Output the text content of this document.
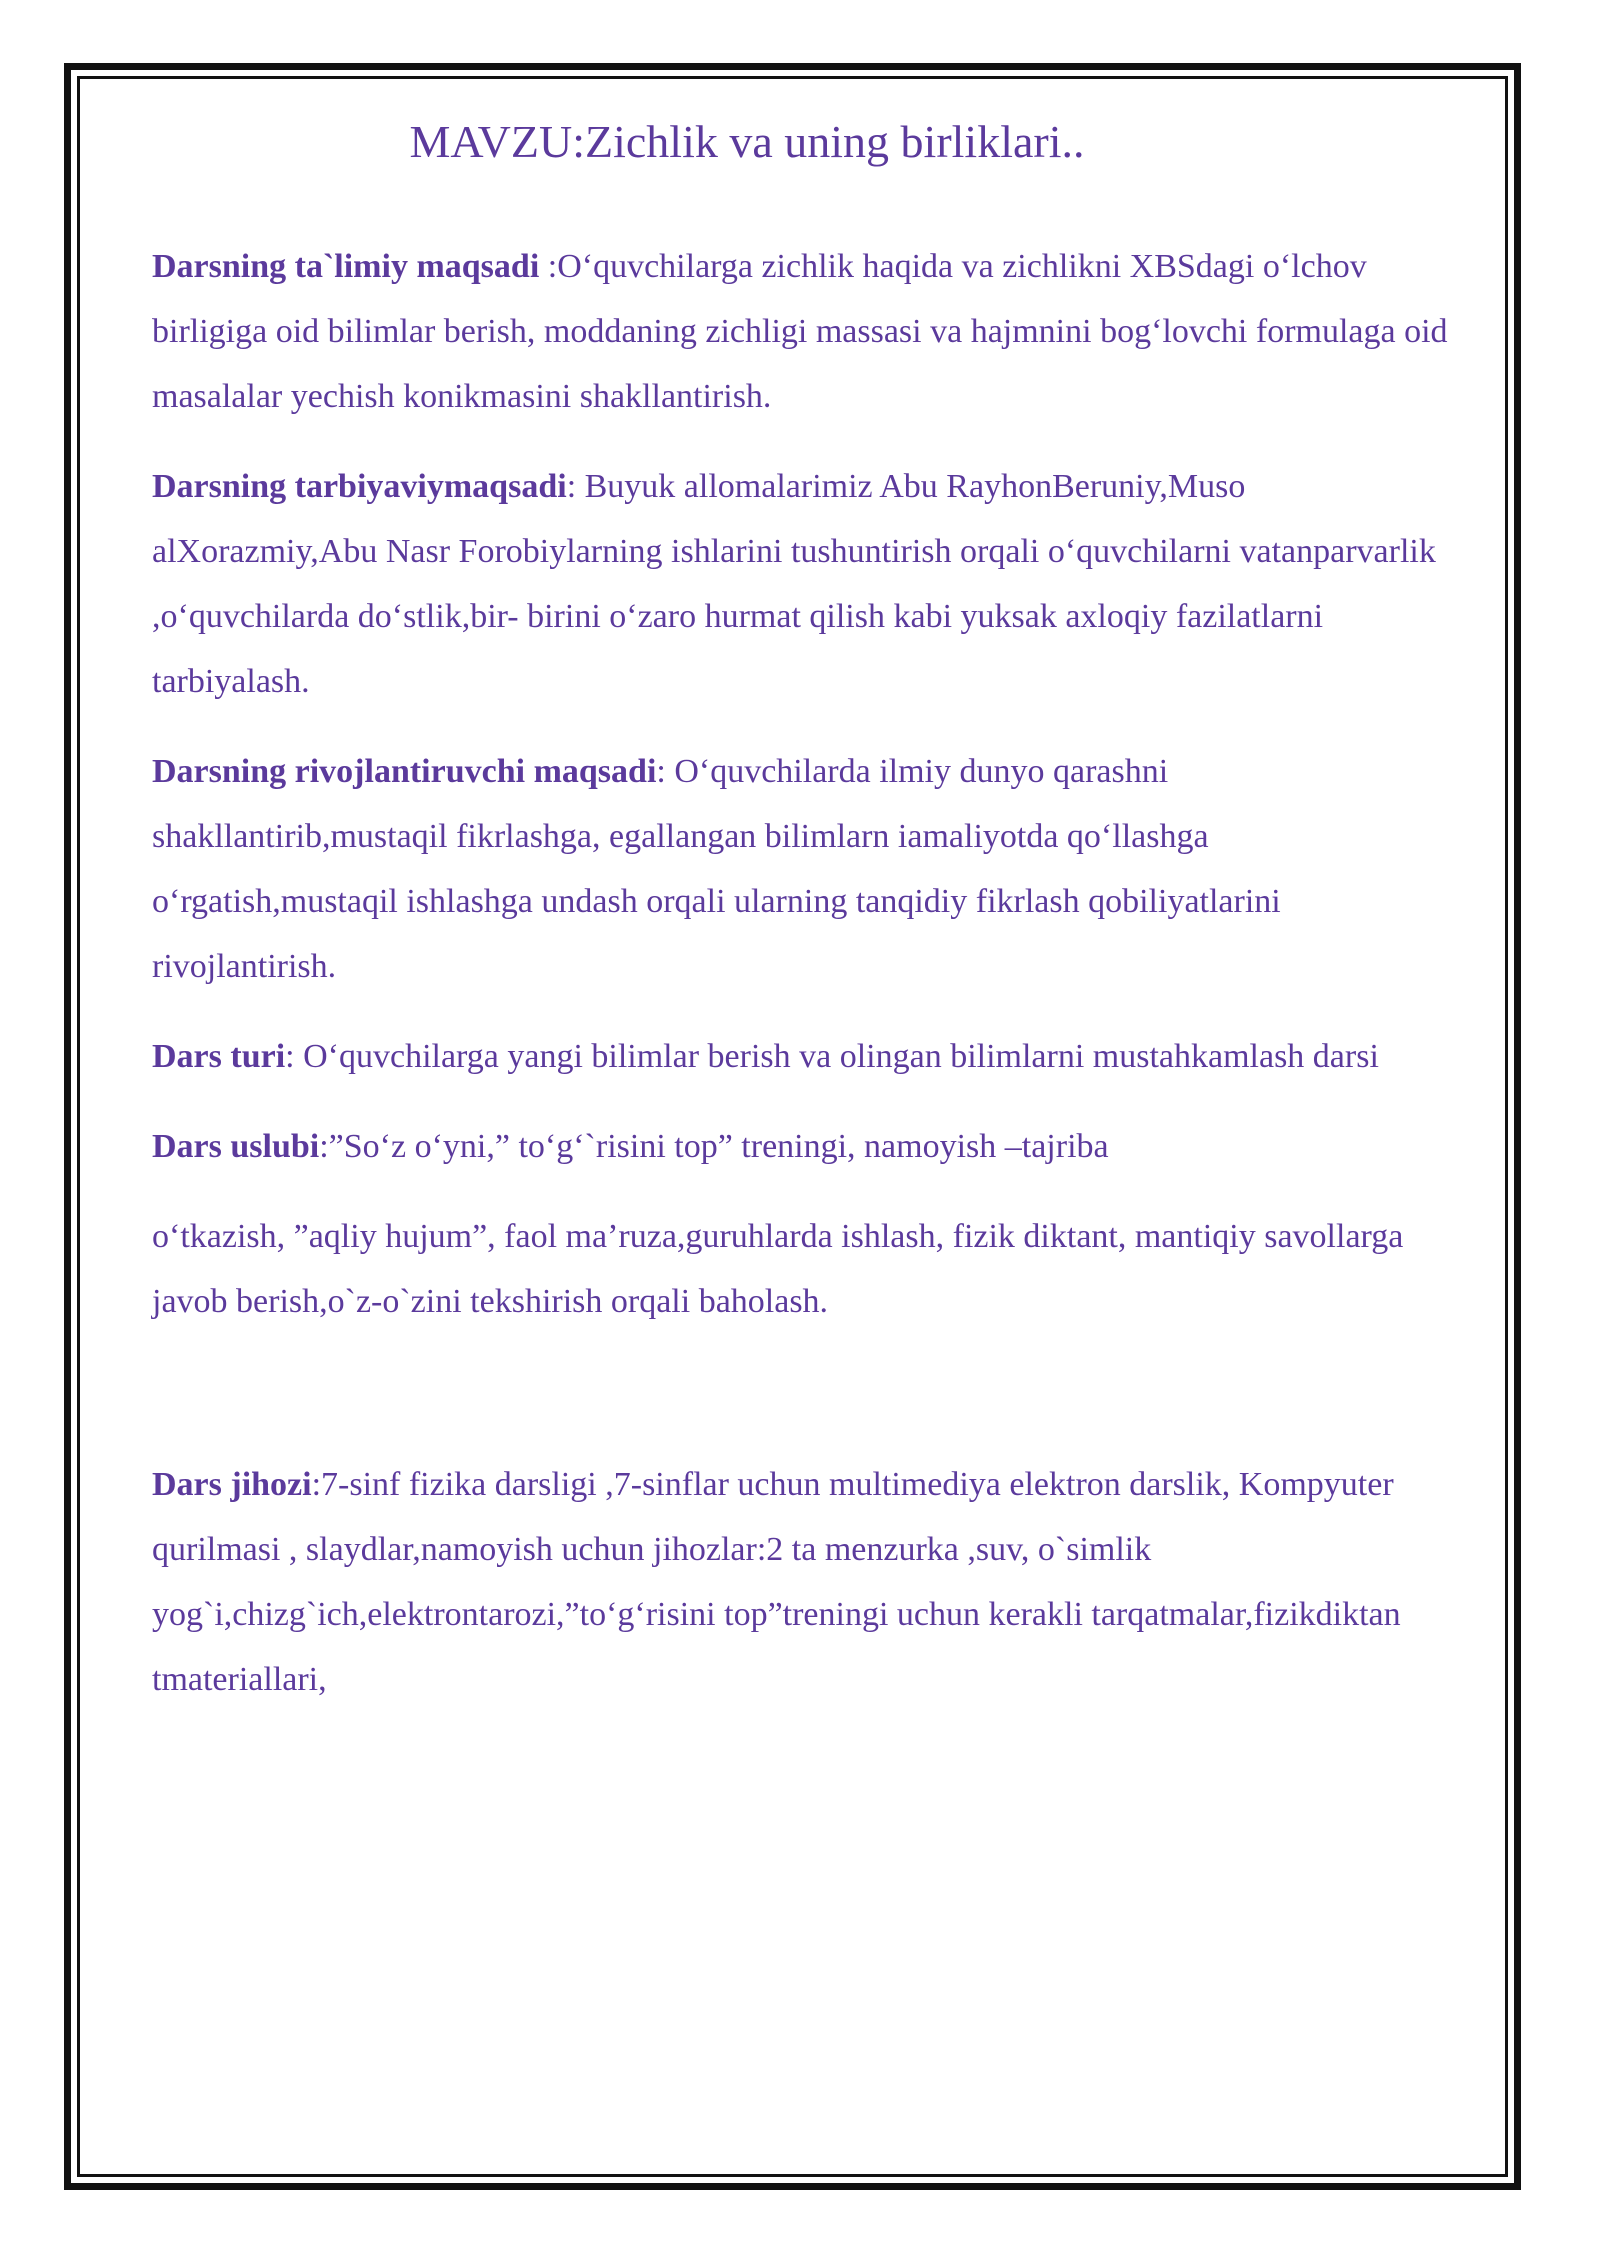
MAVZU:Zichlik va uning birliklari..

Darsning ta`limiy maqsadi :O‘quvchilarga zichlik haqida va zichlikni XBSdagi o‘lchov birligiga oid bilimlar berish, moddaning zichligi massasi va hajmnini bog‘lovchi formulaga oid masalalar yechish konikmasini shakllantirish.

Darsning tarbiyaviymaqsadi: Buyuk allomalarimiz Abu RayhonBeruniy,Muso alXorazmiy,Abu Nasr Forobiylarning ishlarini tushuntirish orqali o‘quvchilarni vatanparvarlik ,o‘quvchilarda do‘stlik,bir- birini o‘zaro hurmat qilish kabi yuksak axloqiy fazilatlarni tarbiyalash.

Darsning rivojlantiruvchi maqsadi: O‘quvchilarda ilmiy dunyo qarashni shakllantirib,mustaqil fikrlashga, egallangan bilimlarn iamaliyotda qo‘llashga o‘rgatish,mustaqil ishlashga undash orqali ularning tanqidiy fikrlash qobiliyatlarini rivojlantirish.

Dars turi: O‘quvchilarga yangi bilimlar berish va olingan bilimlarni mustahkamlash darsi

Dars uslubi:”So‘z o‘yni,” to‘g‘`risini top” treningi, namoyish –tajriba

o‘tkazish, ”aqliy hujum”, faol ma’ruza,guruhlarda ishlash, fizik diktant, mantiqiy savollarga javob berish,o`z-o`zini tekshirish orqali baholash.

Dars jihozi:7-sinf fizika darsligi ,7-sinflar uchun multimediya elektron darslik, Kompyuter qurilmasi , slaydlar,namoyish uchun jihozlar:2 ta menzurka ,suv, o`simlik yog`i,chizg`ich,elektrontarozi,”to‘g‘risini top”treningi uchun kerakli tarqatmalar,fizikdiktan tmateriallari,
